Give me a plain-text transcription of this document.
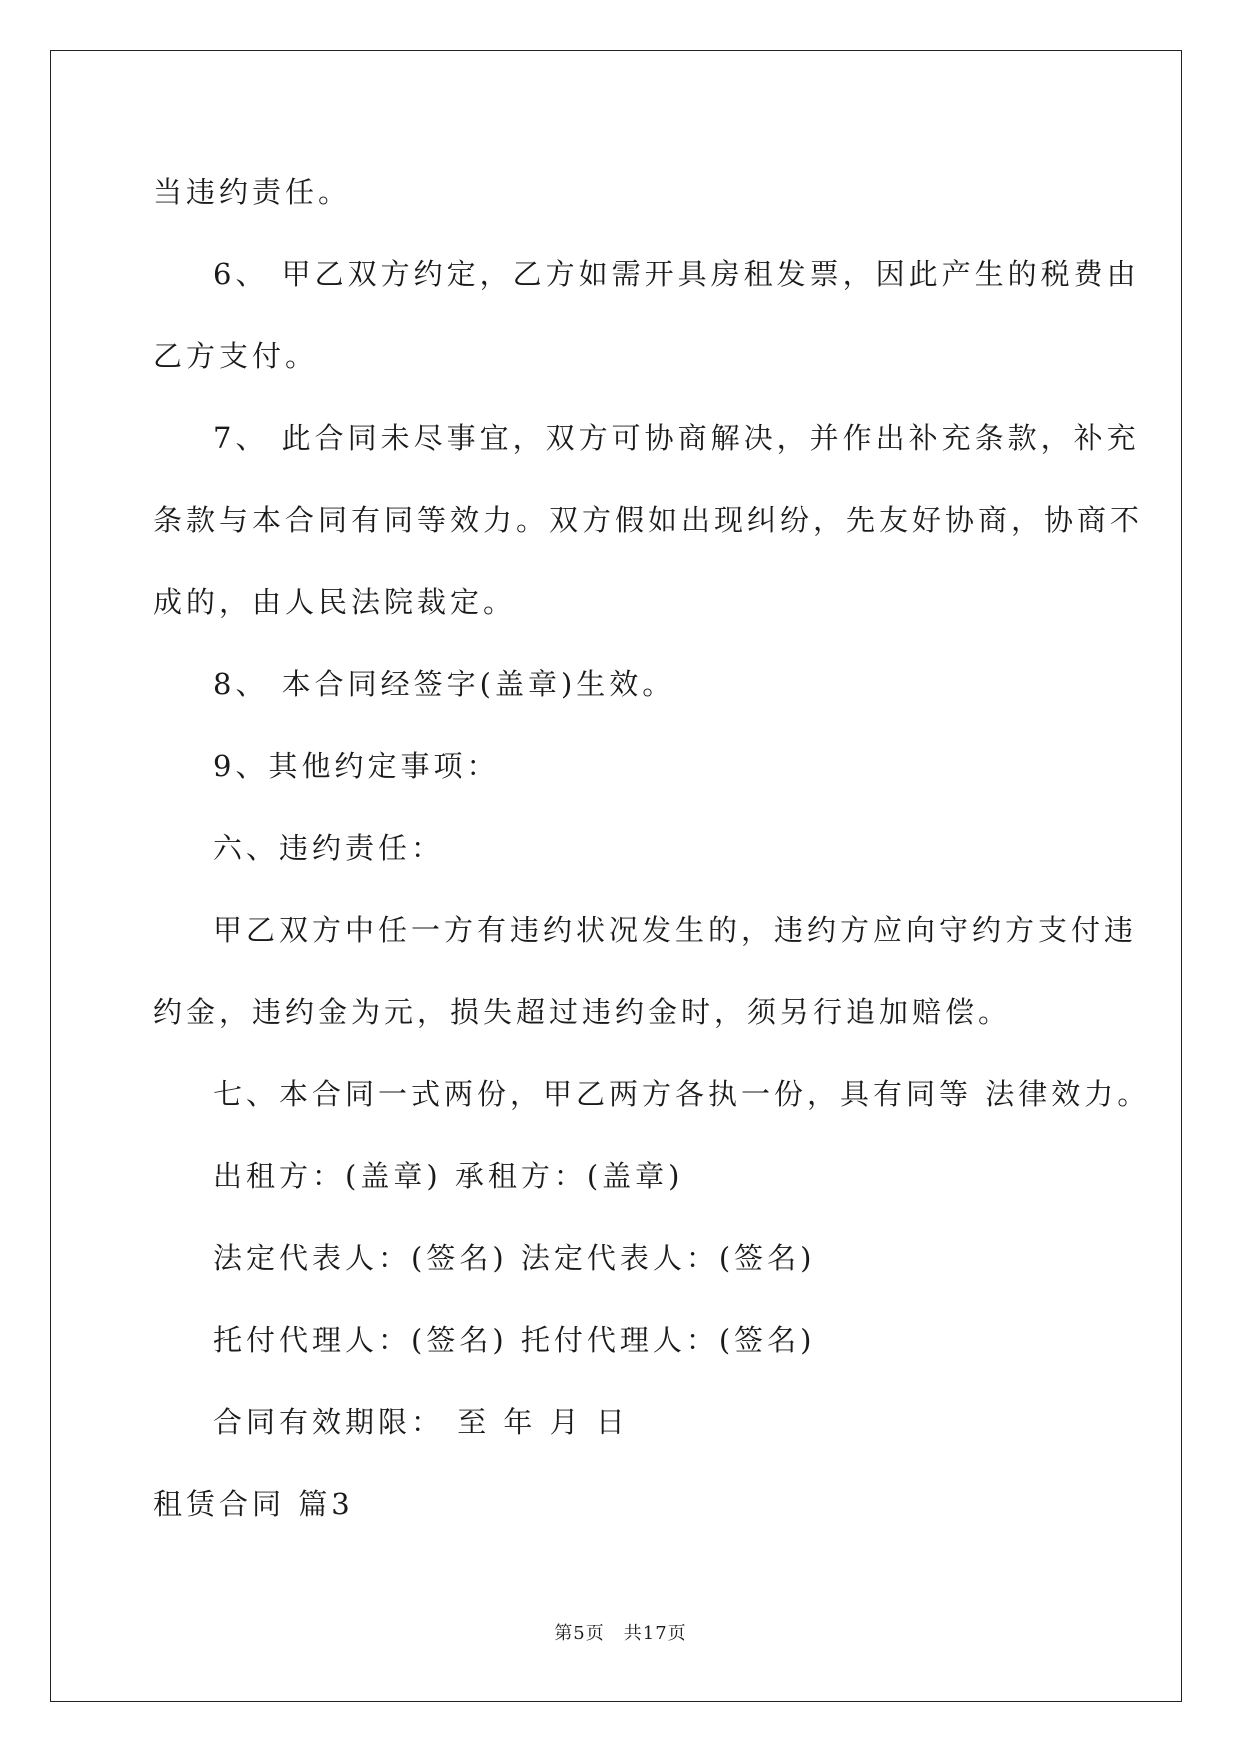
当违约责任。
6、 甲乙双方约定，乙方如需开具房租发票，因此产生的税费由
乙方支付。
7、 此合同未尽事宜，双方可协商解决，并作出补充条款，补充
条款与本合同有同等效力。双方假如出现纠纷，先友好协商，协商不
成的，由人民法院裁定。
8、 本合同经签字(盖章)生效。
9、其他约定事项：
六、违约责任：
甲乙双方中任一方有违约状况发生的，违约方应向守约方支付违
约金，违约金为元，损失超过违约金时，须另行追加赔偿。
七、本合同一式两份，甲乙两方各执一份，具有同等 法律效力。
出租方：(盖章) 承租方：(盖章)
法定代表人：(签名) 法定代表人：(签名)
托付代理人：(签名) 托付代理人：(签名)
合同有效期限： 至 年 月 日
租赁合同 篇3
第5页　共17页
